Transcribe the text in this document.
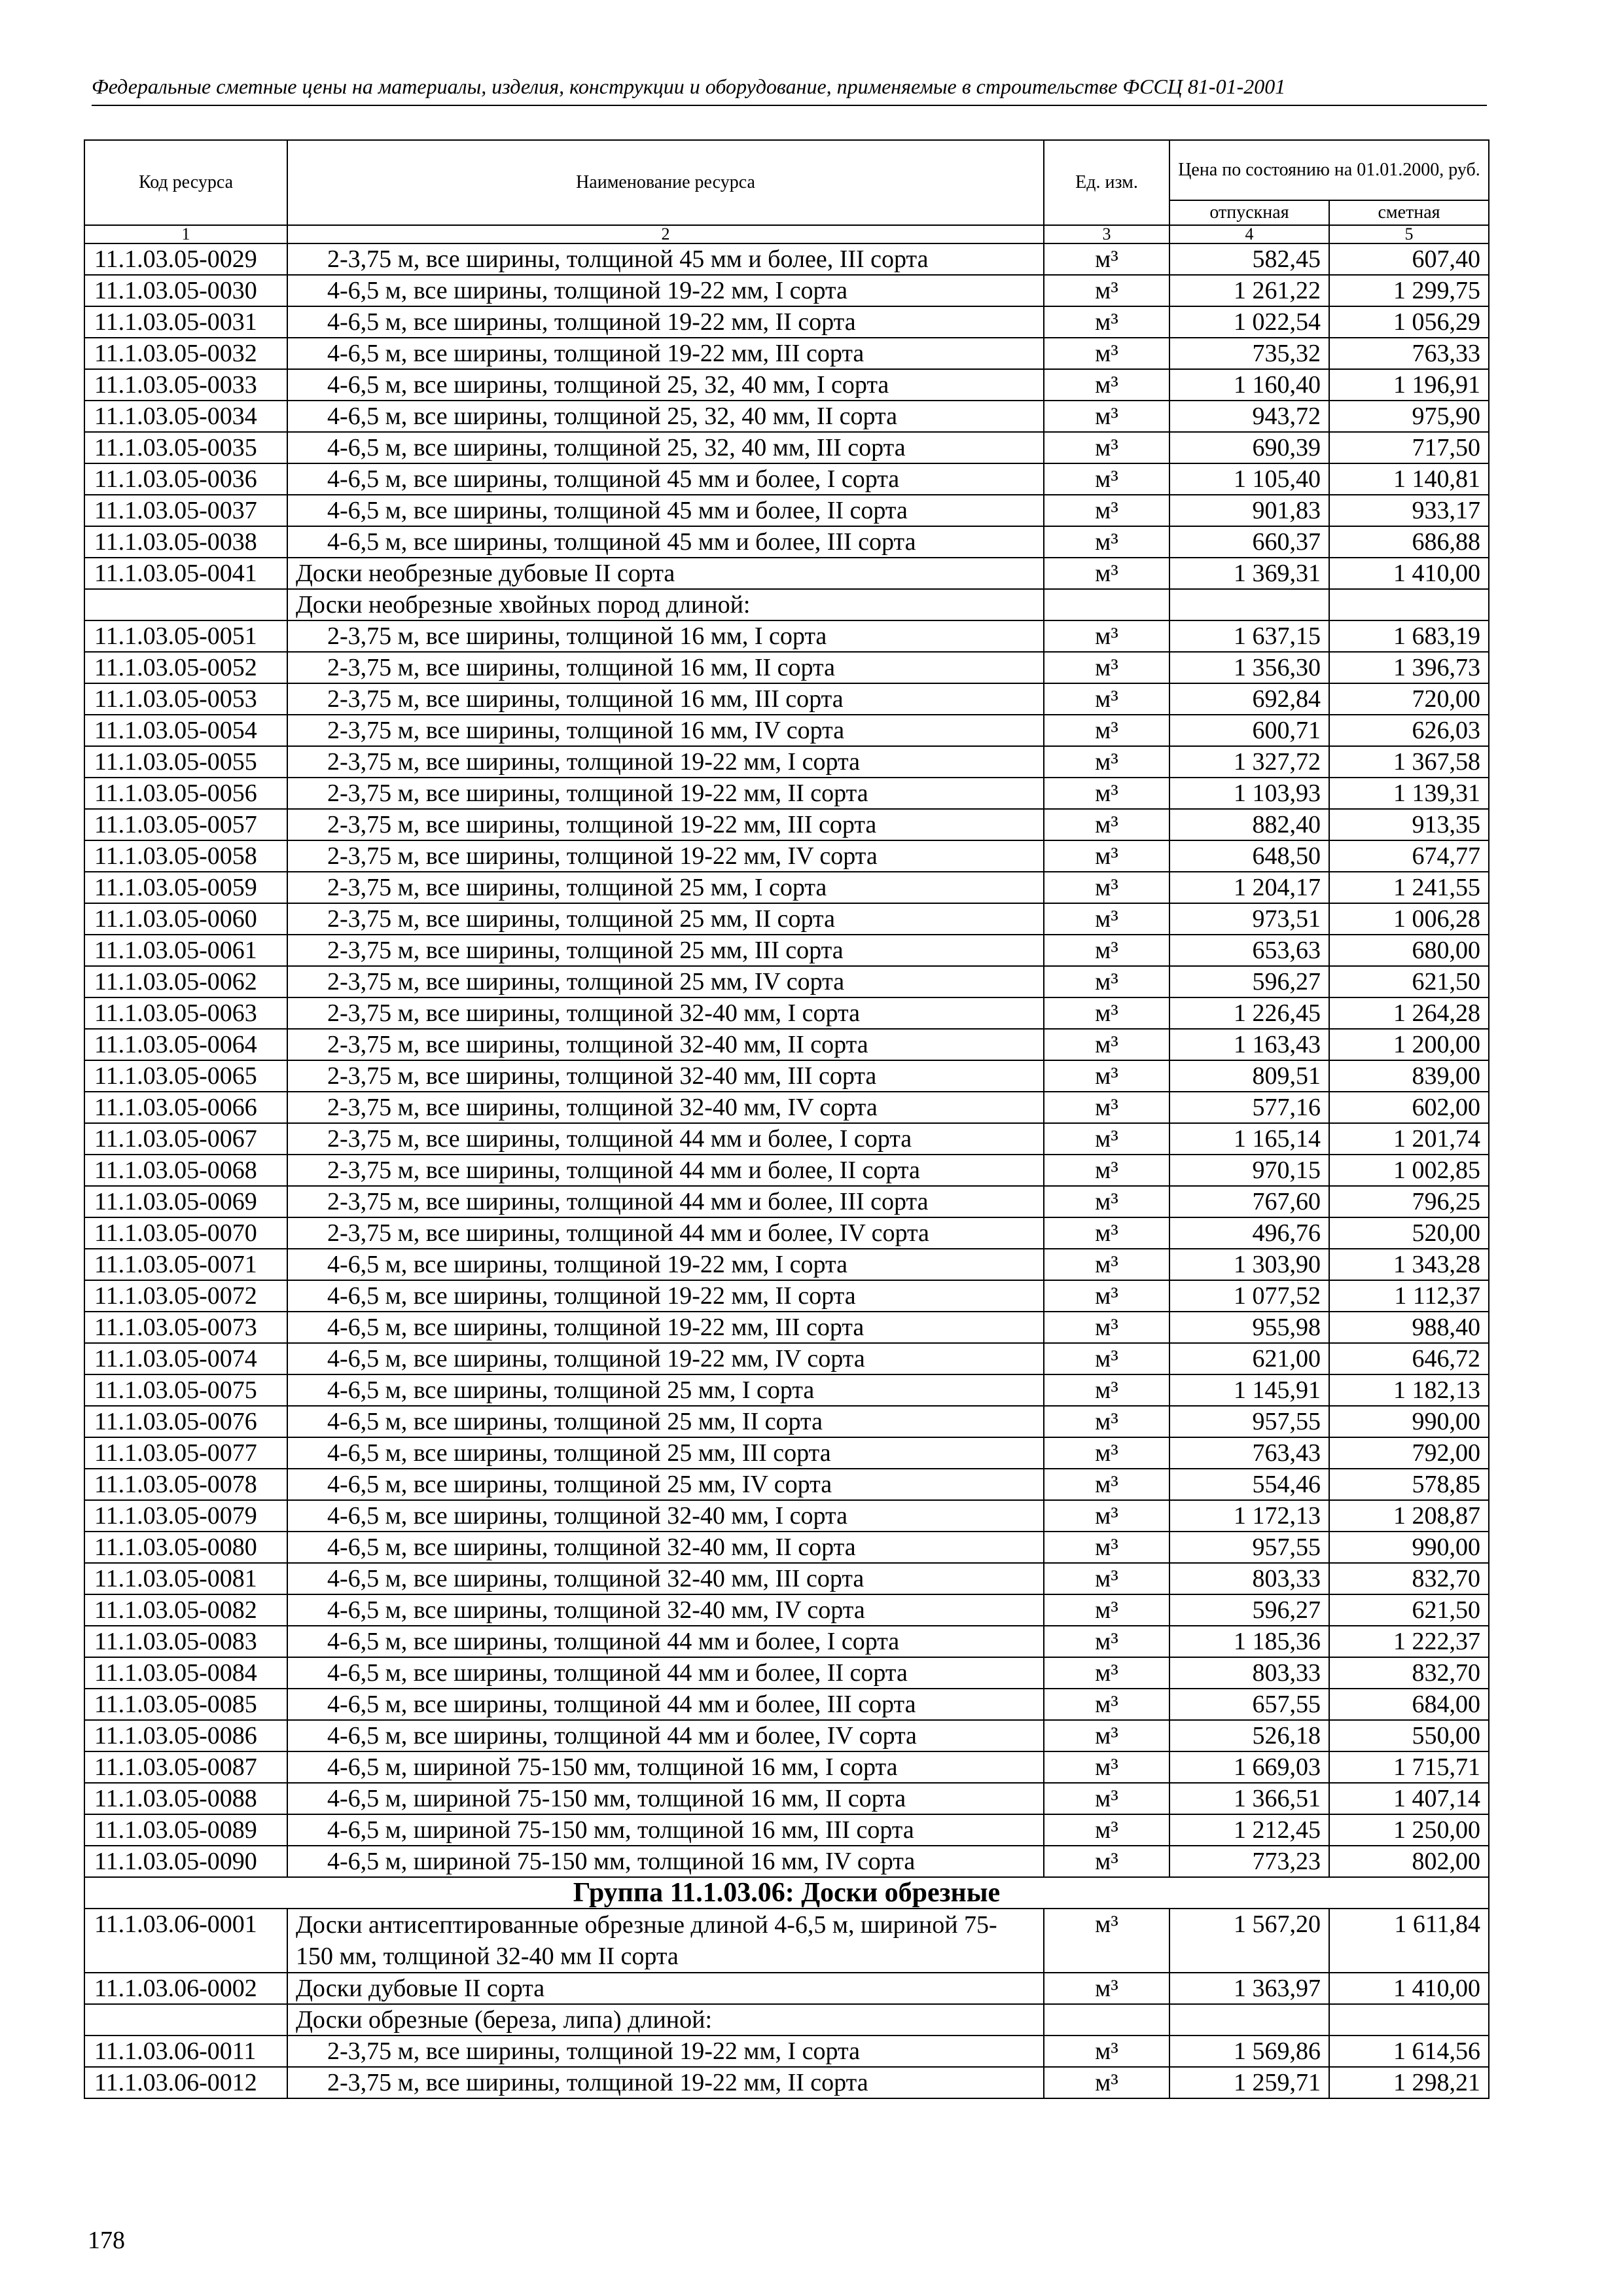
Федеральные сметные цены на материалы, изделия, конструкции и оборудование, применяемые в строительстве ФССЦ 81-01-2001
Код ресурса	Наименование ресурса	Ед. изм.	Цена по состоянию на 01.01.2000, руб.	
			отпускная	сметная
1	2	3	4	5
11.1.03.05-0029	2-3,75 м, все ширины, толщиной 45 мм и более, III сорта	м³	582,45	607,40
11.1.03.05-0030	4-6,5 м, все ширины, толщиной 19-22 мм, I сорта	м³	1 261,22	1 299,75
11.1.03.05-0031	4-6,5 м, все ширины, толщиной 19-22 мм, II сорта	м³	1 022,54	1 056,29
11.1.03.05-0032	4-6,5 м, все ширины, толщиной 19-22 мм, III сорта	м³	735,32	763,33
11.1.03.05-0033	4-6,5 м, все ширины, толщиной 25, 32, 40 мм, I сорта	м³	1 160,40	1 196,91
11.1.03.05-0034	4-6,5 м, все ширины, толщиной 25, 32, 40 мм, II сорта	м³	943,72	975,90
11.1.03.05-0035	4-6,5 м, все ширины, толщиной 25, 32, 40 мм, III сорта	м³	690,39	717,50
11.1.03.05-0036	4-6,5 м, все ширины, толщиной 45 мм и более, I сорта	м³	1 105,40	1 140,81
11.1.03.05-0037	4-6,5 м, все ширины, толщиной 45 мм и более, II сорта	м³	901,83	933,17
11.1.03.05-0038	4-6,5 м, все ширины, толщиной 45 мм и более, III сорта	м³	660,37	686,88
11.1.03.05-0041	Доски необрезные дубовые II сорта	м³	1 369,31	1 410,00
	Доски необрезные хвойных пород длиной:			
11.1.03.05-0051	2-3,75 м, все ширины, толщиной 16 мм, I сорта	м³	1 637,15	1 683,19
11.1.03.05-0052	2-3,75 м, все ширины, толщиной 16 мм, II сорта	м³	1 356,30	1 396,73
11.1.03.05-0053	2-3,75 м, все ширины, толщиной 16 мм, III сорта	м³	692,84	720,00
11.1.03.05-0054	2-3,75 м, все ширины, толщиной 16 мм, IV сорта	м³	600,71	626,03
11.1.03.05-0055	2-3,75 м, все ширины, толщиной 19-22 мм, I сорта	м³	1 327,72	1 367,58
11.1.03.05-0056	2-3,75 м, все ширины, толщиной 19-22 мм, II сорта	м³	1 103,93	1 139,31
11.1.03.05-0057	2-3,75 м, все ширины, толщиной 19-22 мм, III сорта	м³	882,40	913,35
11.1.03.05-0058	2-3,75 м, все ширины, толщиной 19-22 мм, IV сорта	м³	648,50	674,77
11.1.03.05-0059	2-3,75 м, все ширины, толщиной 25 мм, I сорта	м³	1 204,17	1 241,55
11.1.03.05-0060	2-3,75 м, все ширины, толщиной 25 мм, II сорта	м³	973,51	1 006,28
11.1.03.05-0061	2-3,75 м, все ширины, толщиной 25 мм, III сорта	м³	653,63	680,00
11.1.03.05-0062	2-3,75 м, все ширины, толщиной 25 мм, IV сорта	м³	596,27	621,50
11.1.03.05-0063	2-3,75 м, все ширины, толщиной 32-40 мм, I сорта	м³	1 226,45	1 264,28
11.1.03.05-0064	2-3,75 м, все ширины, толщиной 32-40 мм, II сорта	м³	1 163,43	1 200,00
11.1.03.05-0065	2-3,75 м, все ширины, толщиной 32-40 мм, III сорта	м³	809,51	839,00
11.1.03.05-0066	2-3,75 м, все ширины, толщиной 32-40 мм, IV сорта	м³	577,16	602,00
11.1.03.05-0067	2-3,75 м, все ширины, толщиной 44 мм и более, I сорта	м³	1 165,14	1 201,74
11.1.03.05-0068	2-3,75 м, все ширины, толщиной 44 мм и более, II сорта	м³	970,15	1 002,85
11.1.03.05-0069	2-3,75 м, все ширины, толщиной 44 мм и более, III сорта	м³	767,60	796,25
11.1.03.05-0070	2-3,75 м, все ширины, толщиной 44 мм и более, IV сорта	м³	496,76	520,00
11.1.03.05-0071	4-6,5 м, все ширины, толщиной 19-22 мм, I сорта	м³	1 303,90	1 343,28
11.1.03.05-0072	4-6,5 м, все ширины, толщиной 19-22 мм, II сорта	м³	1 077,52	1 112,37
11.1.03.05-0073	4-6,5 м, все ширины, толщиной 19-22 мм, III сорта	м³	955,98	988,40
11.1.03.05-0074	4-6,5 м, все ширины, толщиной 19-22 мм, IV сорта	м³	621,00	646,72
11.1.03.05-0075	4-6,5 м, все ширины, толщиной 25 мм, I сорта	м³	1 145,91	1 182,13
11.1.03.05-0076	4-6,5 м, все ширины, толщиной 25 мм, II сорта	м³	957,55	990,00
11.1.03.05-0077	4-6,5 м, все ширины, толщиной 25 мм, III сорта	м³	763,43	792,00
11.1.03.05-0078	4-6,5 м, все ширины, толщиной 25 мм, IV сорта	м³	554,46	578,85
11.1.03.05-0079	4-6,5 м, все ширины, толщиной 32-40 мм, I сорта	м³	1 172,13	1 208,87
11.1.03.05-0080	4-6,5 м, все ширины, толщиной 32-40 мм, II сорта	м³	957,55	990,00
11.1.03.05-0081	4-6,5 м, все ширины, толщиной 32-40 мм, III сорта	м³	803,33	832,70
11.1.03.05-0082	4-6,5 м, все ширины, толщиной 32-40 мм, IV сорта	м³	596,27	621,50
11.1.03.05-0083	4-6,5 м, все ширины, толщиной 44 мм и более, I сорта	м³	1 185,36	1 222,37
11.1.03.05-0084	4-6,5 м, все ширины, толщиной 44 мм и более, II сорта	м³	803,33	832,70
11.1.03.05-0085	4-6,5 м, все ширины, толщиной 44 мм и более, III сорта	м³	657,55	684,00
11.1.03.05-0086	4-6,5 м, все ширины, толщиной 44 мм и более, IV сорта	м³	526,18	550,00
11.1.03.05-0087	4-6,5 м, шириной 75-150 мм, толщиной 16 мм, I сорта	м³	1 669,03	1 715,71
11.1.03.05-0088	4-6,5 м, шириной 75-150 мм, толщиной 16 мм, II сорта	м³	1 366,51	1 407,14
11.1.03.05-0089	4-6,5 м, шириной 75-150 мм, толщиной 16 мм, III сорта	м³	1 212,45	1 250,00
11.1.03.05-0090	4-6,5 м, шириной 75-150 мм, толщиной 16 мм, IV сорта	м³	773,23	802,00
Группа 11.1.03.06: Доски обрезные				
11.1.03.06-0001	Доски антисептированные обрезные длиной 4-6,5 м, шириной 75- 150 мм, толщиной 32-40 мм II сорта	м³	1 567,20	1 611,84
11.1.03.06-0002	Доски дубовые II сорта	м³	1 363,97	1 410,00
	Доски обрезные (береза, липа) длиной:			
11.1.03.06-0011	2-3,75 м, все ширины, толщиной 19-22 мм, I сорта	м³	1 569,86	1 614,56
11.1.03.06-0012	2-3,75 м, все ширины, толщиной 19-22 мм, II сорта	м³	1 259,71	1 298,21
178
